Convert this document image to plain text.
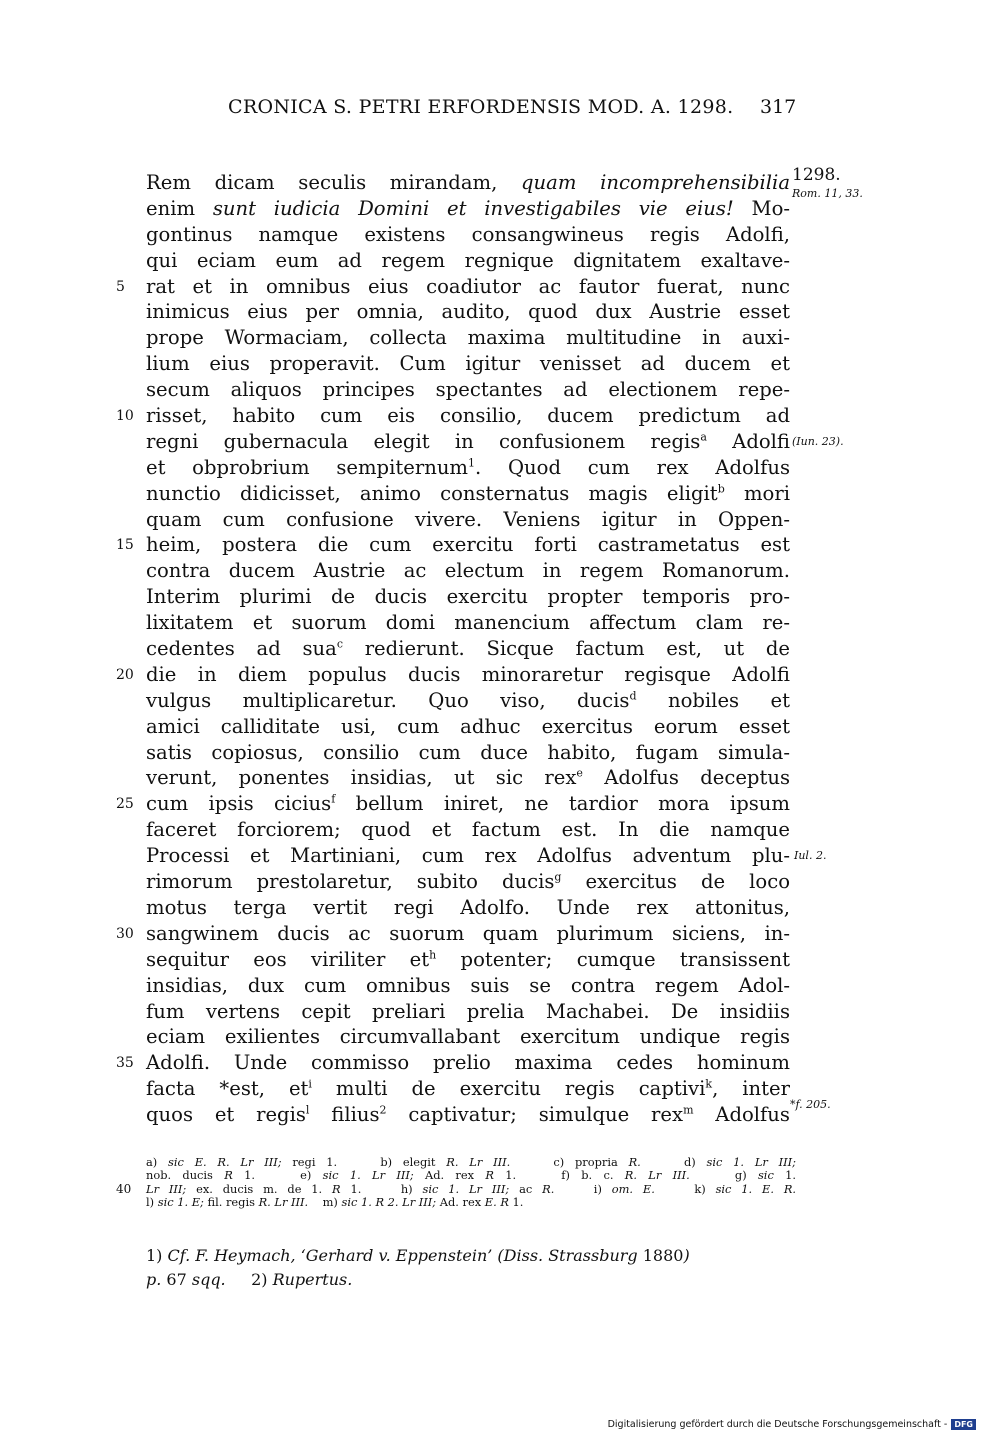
CRONICA S. PETRI ERFORDENSIS MOD. A. 1298. 317
1298.
Rom. 11, 33.
(Iun. 23).
Iul. 2.
*f. 205.
Rem dicam seculis mirandam, quam incomprehensibilia
enim sunt iudicia Domini et investigabiles vie eius! Mo-
gontinus namque existens consangwineus regis Adolfi,
qui eciam eum ad regem regnique dignitatem exaltave-
5	rat et in omnibus eius coadiutor ac fautor fuerat, nunc
inimicus eius per omnia, audito, quod dux Austrie esset
prope Wormaciam, collecta maxima multitudine in auxi-
lium eius properavit. Cum igitur venisset ad ducem et
secum aliquos principes spectantes ad electionem repe-
10 risset, habito cum eis consilio, ducem predictum ad
regni gubernacula elegit in confusionem regis$^a$ Adolfi
et obprobrium sempiternum$^1$. Quod cum rex Adolfus
nunctio didicisset, animo consternatus magis eligit$^b$ mori
quam cum confusione vivere. Veniens igitur in Oppen-
15 heim, postera die cum exercitu forti castrametatus est
contra ducem Austrie ac electum in regem Romanorum.
Interim plurimi de ducis exercitu propter temporis pro-
lixitatem et suorum domi manencium affectum clam re-
cedentes ad sua$^c$ redierunt. Sicque factum est, ut de
20 die in diem populus ducis minoraretur regisque Adolfi
vulgus multiplicaretur. Quo viso, ducis$^d$ nobiles et
amici calliditate usi, cum adhuc exercitus eorum esset
satis copiosus, consilio cum duce habito, fugam simula-
verunt, ponentes insidias, ut sic rex$^e$ Adolfus deceptus
25 cum ipsis cicius$^f$ bellum iniret, ne tardior mora ipsum
faceret forciorem; quod et factum est. In die namque
Processi et Martiniani, cum rex Adolfus adventum plu-
rimorum prestolaretur, subito ducis$^g$ exercitus de loco
motus terga vertit regi Adolfo. Unde rex attonitus,
30 sangwinem ducis ac suorum quam plurimum siciens, in-
sequitur eos viriliter $et^h$ potenter; cumque transissent
insidias, dux cum omnibus suis se contra regem Adol-
fum vertens cepit preliari prelia Machabei. De insidiis
eciam exilientes circumvallabant exercitum undique regis
35 Adolfi. Unde commisso prelio maxima cedes hominum
facta *est, $et^i$ multi de exercitu regis captivi$^k$, inter
quos et regis$^l$ filius$^2$ captivatur; simulque rex$^m$ Adolfus
a) sic E. R. Lr III; regi 1.    b) elegit R. Lr III.    c) propria R.    d) sic 1. Lr III;
nob. ducis R 1.    e) sic 1. Lr III; Ad. rex R 1.    f) b. c. R. Lr III.    g) sic 1.
40 Lr III; ex. ducis m. de 1. R 1.    h) sic 1. Lr III; ac R.    i) om. E.    k) sic 1. E. R.
l) sic 1. E; fil. regis R. Lr III.    m) sic 1. R 2. Lr III; Ad. rex E. R 1.
1) Cf. F. Heymach, ‘Gerhard v. Eppenstein’ (Diss. Strassburg 1880)
p. 67 sqq.     2) Rupertus.
Digitalisierung gefördert durch die Deutsche Forschungsgemeinschaft - DFG
